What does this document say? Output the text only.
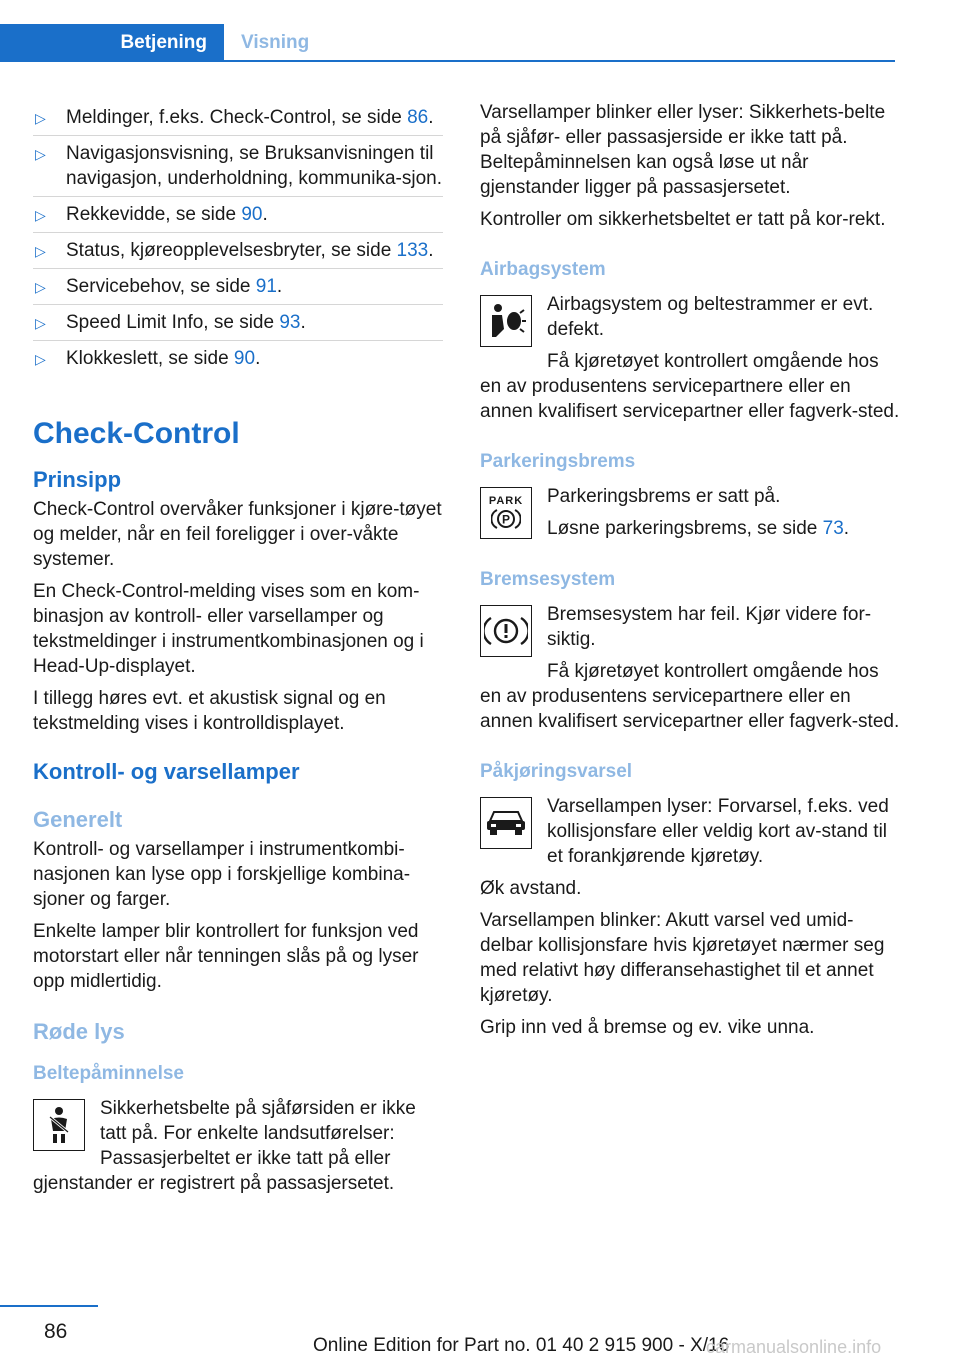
Betjening	Visning
▷ Meldinger, f.eks. Check-Control, se side 86.
▷ Navigasjonsvisning, se Bruksanvisningen til navigasjon, underholdning, kommunika-sjon.
▷ Rekkevidde, se side 90.
▷ Status, kjøreopplevelsesbryter, se side 133.
▷ Servicebehov, se side 91.
▷ Speed Limit Info, se side 93.
▷ Klokkeslett, se side 90.
Check-Control
Prinsipp

Check-Control overvåker funksjoner i kjøre-tøyet og melder, når en feil foreligger i over-våkte systemer.

En Check-Control-melding vises som en kom-binasjon av kontroll- eller varsellamper og tekstmeldinger i instrumentkombinasjonen og i Head-Up-displayet.

I tillegg høres evt. et akustisk signal og en tekstmelding vises i kontrolldisplayet.

Kontroll- og varsellamper
Generelt

Kontroll- og varsellamper i instrumentkombi-nasjonen kan lyse opp i forskjellige kombina-sjoner og farger.

Enkelte lamper blir kontrollert for funksjon ved motorstart eller når tenningen slås på og lyser opp midlertidig.

Røde lys
Beltepåminnelse

Sikkerhetsbelte på sjåførsiden er ikke tatt på. For enkelte landsutførelser: Passasjerbeltet er ikke tatt på eller

gjenstander er registrert på passasjersetet.

Varsellamper blinker eller lyser: Sikkerhets-belte på sjåfør- eller passasjerside er ikke tatt på. Beltepåminnelsen kan også løse ut når gjenstander ligger på passasjersetet.

Kontroller om sikkerhetsbeltet er tatt på kor-rekt.

Airbagsystem

Airbagsystem og beltestrammer er evt. defekt.

Få kjøretøyet kontrollert omgående hos

en av produsentens servicepartnere eller en annen kvalifisert servicepartner eller fagverk-sted.

Parkeringsbrems
PARK
P

Parkeringsbrems er satt på.

Løsne parkeringsbrems, se side 73.

Bremsesystem

Bremsesystem har feil. Kjør videre for-siktig.

Få kjøretøyet kontrollert omgående hos

en av produsentens servicepartnere eller en annen kvalifisert servicepartner eller fagverk-sted.

Påkjøringsvarsel

Varsellampen lyser: Forvarsel, f.eks. ved kollisjonsfare eller veldig kort av-stand til et forankjørende kjøretøy.

Øk avstand.

Varsellampen blinker: Akutt varsel ved umid-delbar kollisjonsfare hvis kjøretøyet nærmer seg med relativt høy differansehastighet til et annet kjøretøy.

Grip inn ved å bremse og ev. vike unna.

86
Online Edition for Part no. 01 40 2 915 900 - X/16
carmanualsonline.info
